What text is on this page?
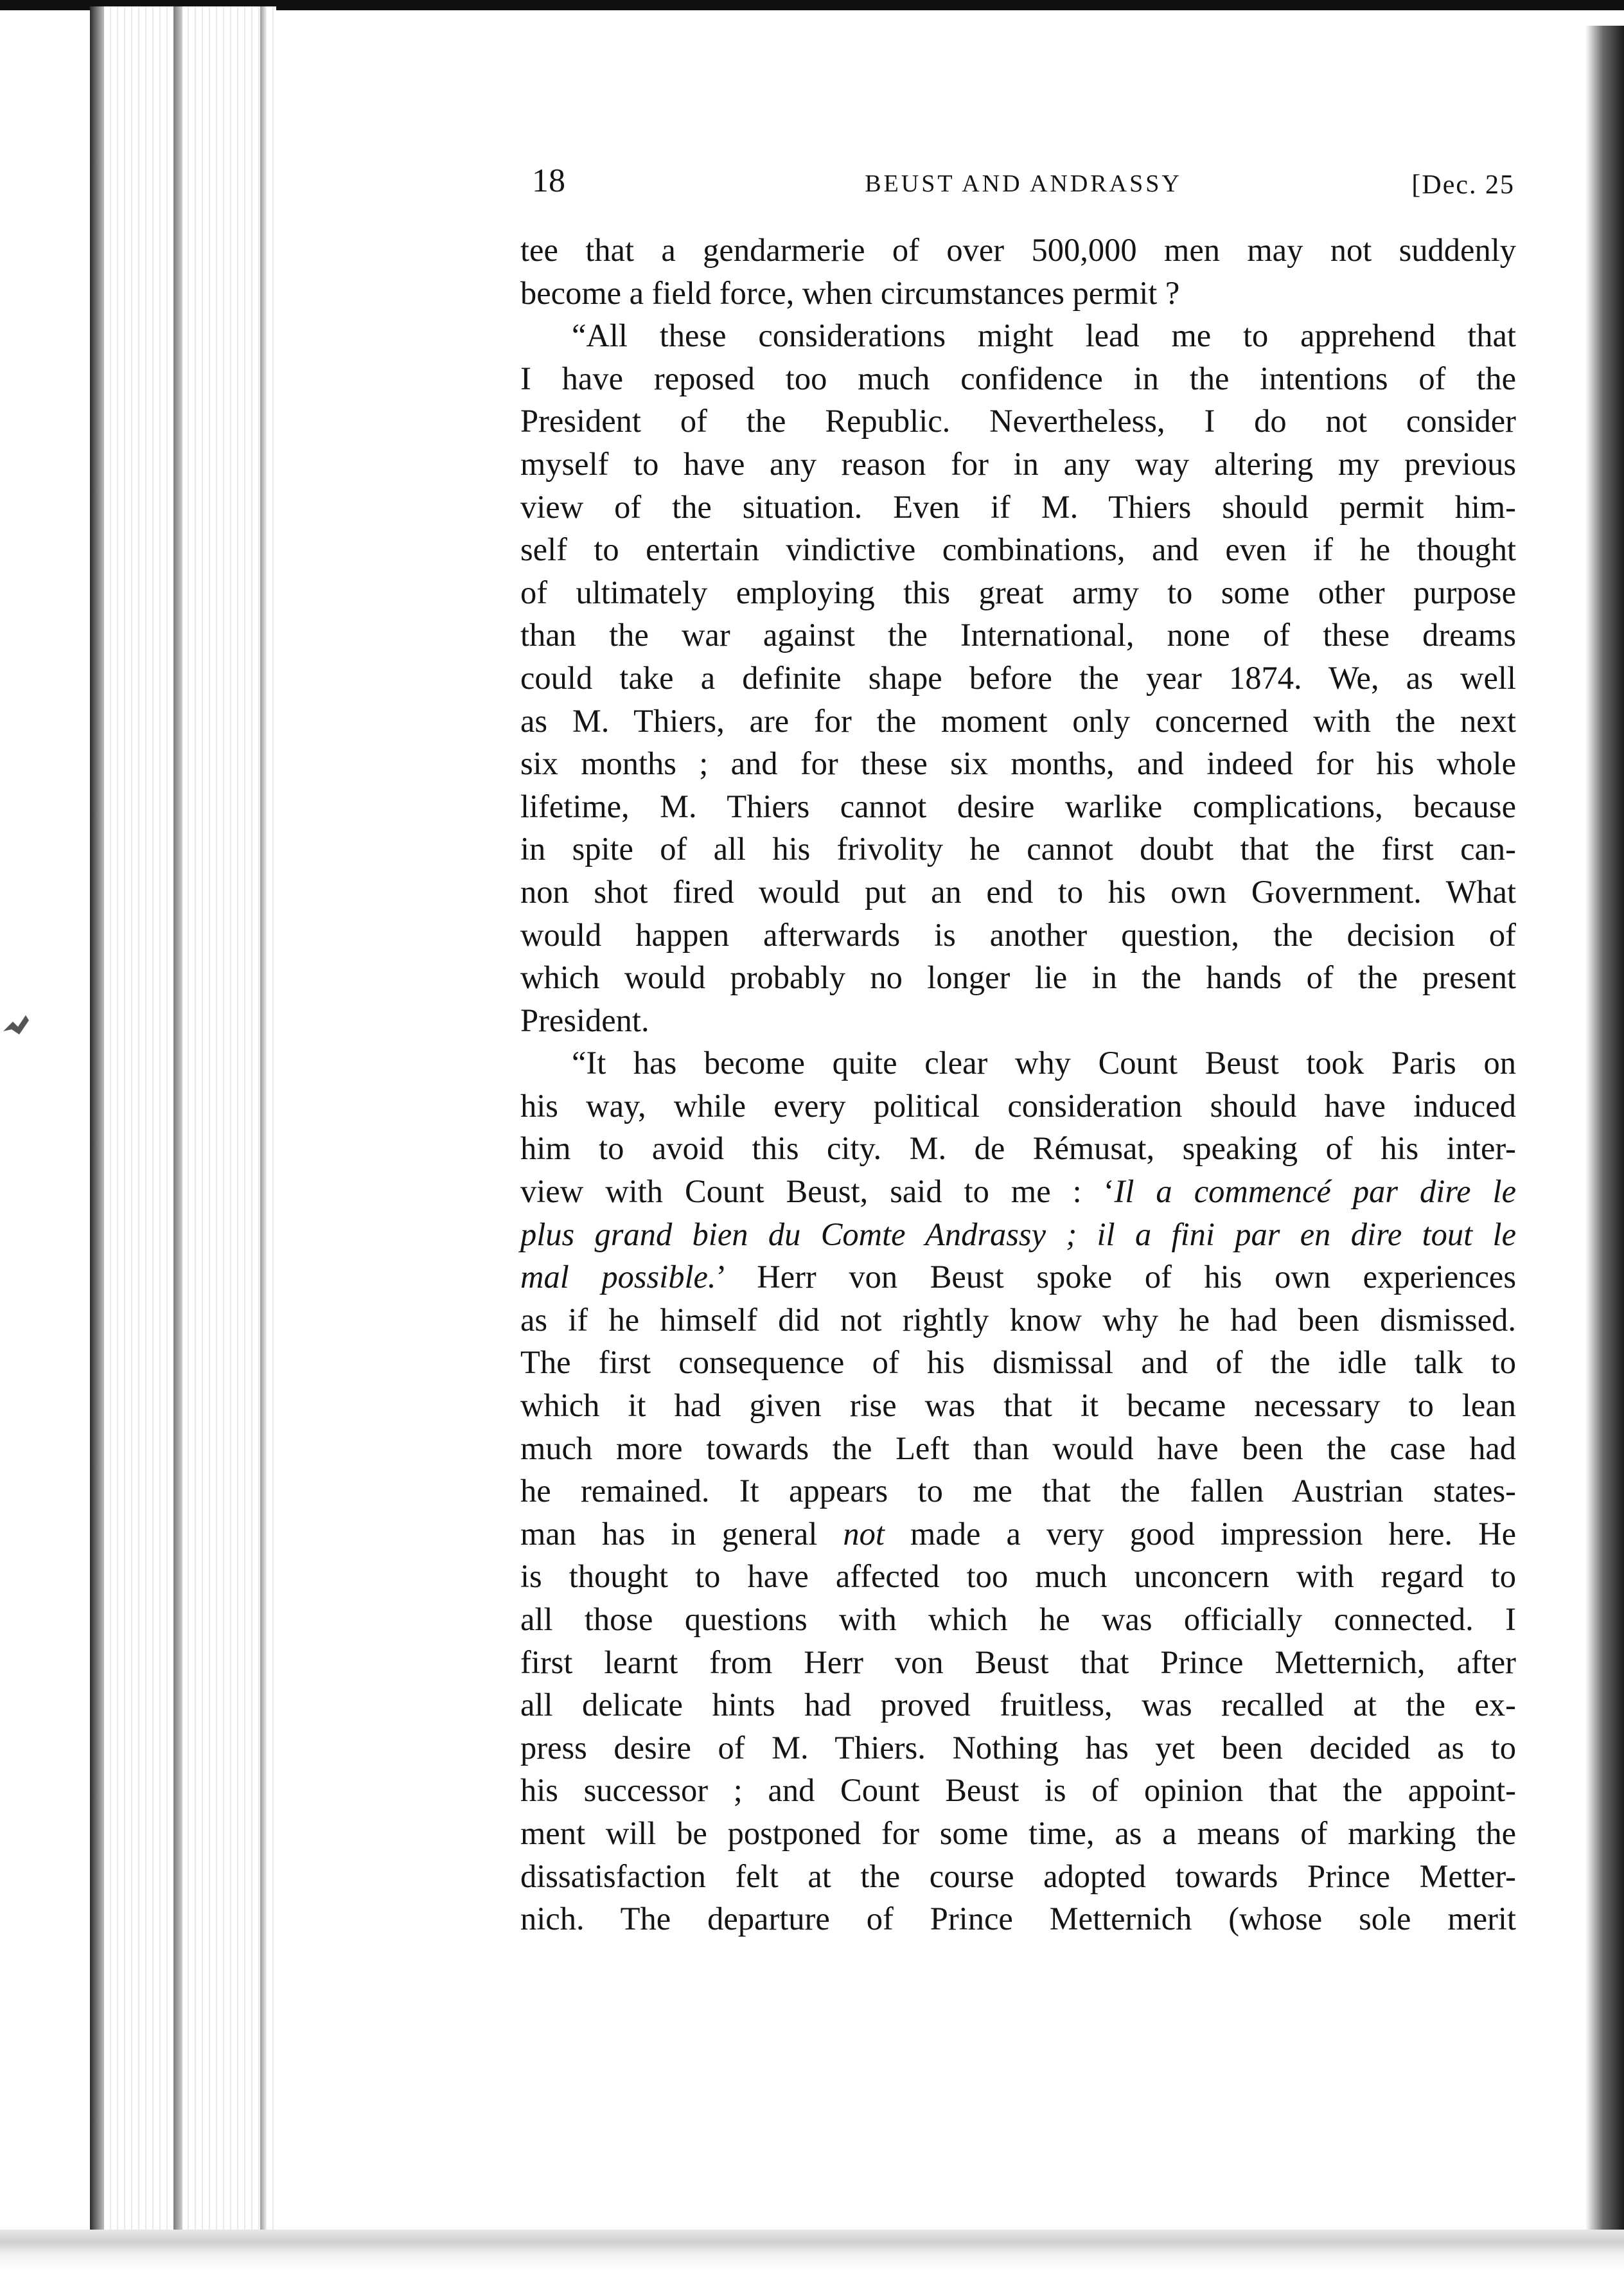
18	BEUST AND ANDRASSY	[Dec. 25
tee that a gendarmerie of over 500,000 men may not suddenly
become a field force, when circumstances permit ?
“All these considerations might lead me to apprehend that
I have reposed too much confidence in the intentions of the
President of the Republic. Nevertheless, I do not consider
myself to have any reason for in any way altering my previous
view of the situation. Even if M. Thiers should permit him-
self to entertain vindictive combinations, and even if he thought
of ultimately employing this great army to some other purpose
than the war against the International, none of these dreams
could take a definite shape before the year 1874. We, as well
as M. Thiers, are for the moment only concerned with the next
six months ; and for these six months, and indeed for his whole
lifetime, M. Thiers cannot desire warlike complications, because
in spite of all his frivolity he cannot doubt that the first can-
non shot fired would put an end to his own Government. What
would happen afterwards is another question, the decision of
which would probably no longer lie in the hands of the present
President.
“It has become quite clear why Count Beust took Paris on
his way, while every political consideration should have induced
him to avoid this city. M. de Rémusat, speaking of his inter-
view with Count Beust, said to me : ‘Il a commencé par dire le
plus grand bien du Comte Andrassy ; il a fini par en dire tout le
mal possible.’ Herr von Beust spoke of his own experiences
as if he himself did not rightly know why he had been dismissed.
The first consequence of his dismissal and of the idle talk to
which it had given rise was that it became necessary to lean
much more towards the Left than would have been the case had
he remained. It appears to me that the fallen Austrian states-
man has in general not made a very good impression here. He
is thought to have affected too much unconcern with regard to
all those questions with which he was officially connected. I
first learnt from Herr von Beust that Prince Metternich, after
all delicate hints had proved fruitless, was recalled at the ex-
press desire of M. Thiers. Nothing has yet been decided as to
his successor ; and Count Beust is of opinion that the appoint-
ment will be postponed for some time, as a means of marking the
dissatisfaction felt at the course adopted towards Prince Metter-
nich. The departure of Prince Metternich (whose sole merit
